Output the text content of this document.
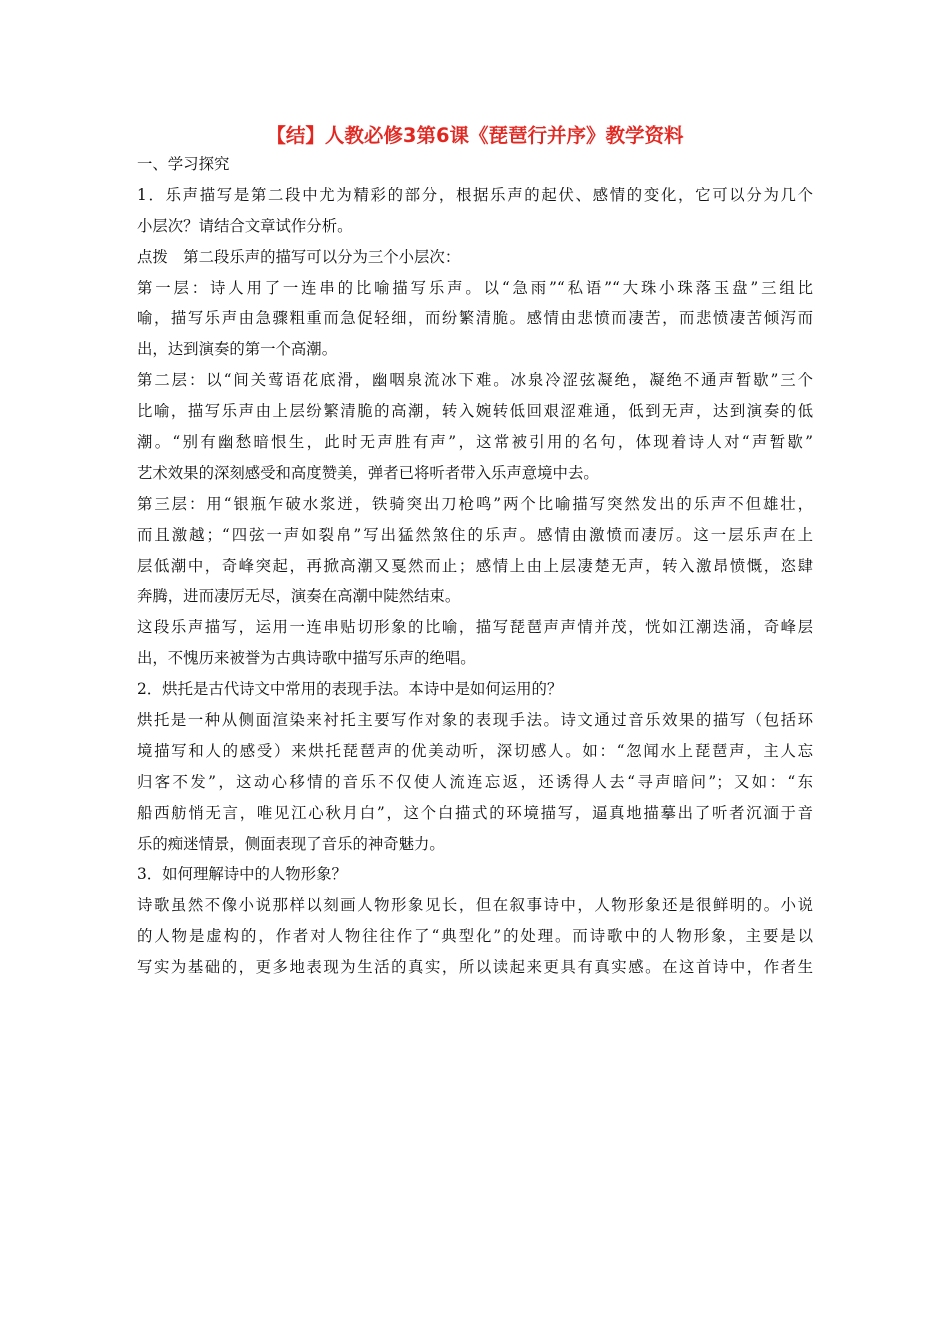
【结】人教必修3第6课《琵琶行并序》教学资料
一、学习探究
1．乐声描写是第二段中尤为精彩的部分，根据乐声的起伏、感情的变化，它可以分为几个
小层次？请结合文章试作分析。
点拨　第二段乐声的描写可以分为三个小层次：
第一层：诗人用了一连串的比喻描写乐声。以“急雨”“私语”“大珠小珠落玉盘”三组比
喻，描写乐声由急骤粗重而急促轻细，而纷繁清脆。感情由悲愤而凄苦，而悲愤凄苦倾泻而
出，达到演奏的第一个高潮。
第二层：以“间关莺语花底滑，幽咽泉流冰下难。冰泉冷涩弦凝绝，凝绝不通声暂歇”三个
比喻，描写乐声由上层纷繁清脆的高潮，转入婉转低回艰涩难通，低到无声，达到演奏的低
潮。“别有幽愁暗恨生，此时无声胜有声”，这常被引用的名句，体现着诗人对“声暂歇”
艺术效果的深刻感受和高度赞美，弹者已将听者带入乐声意境中去。
第三层：用“银瓶乍破水浆迸，铁骑突出刀枪鸣”两个比喻描写突然发出的乐声不但雄壮，
而且激越；“四弦一声如裂帛”写出猛然煞住的乐声。感情由激愤而凄厉。这一层乐声在上
层低潮中，奇峰突起，再掀高潮又戛然而止；感情上由上层凄楚无声，转入激昂愤慨，恣肆
奔腾，进而凄厉无尽，演奏在高潮中陡然结束。
这段乐声描写，运用一连串贴切形象的比喻，描写琵琶声声情并茂，恍如江潮迭涌，奇峰层
出，不愧历来被誉为古典诗歌中描写乐声的绝唱。
2．烘托是古代诗文中常用的表现手法。本诗中是如何运用的？
烘托是一种从侧面渲染来衬托主要写作对象的表现手法。诗文通过音乐效果的描写（包括环
境描写和人的感受）来烘托琵琶声的优美动听，深切感人。如：“忽闻水上琵琶声，主人忘
归客不发”，这动心移情的音乐不仅使人流连忘返，还诱得人去“寻声暗问”；又如：“东
船西舫悄无言，唯见江心秋月白”，这个白描式的环境描写，逼真地描摹出了听者沉湎于音
乐的痴迷情景，侧面表现了音乐的神奇魅力。
3．如何理解诗中的人物形象？
诗歌虽然不像小说那样以刻画人物形象见长，但在叙事诗中，人物形象还是很鲜明的。小说
的人物是虚构的，作者对人物往往作了“典型化”的处理。而诗歌中的人物形象，主要是以
写实为基础的，更多地表现为生活的真实，所以读起来更具有真实感。在这首诗中，作者生
